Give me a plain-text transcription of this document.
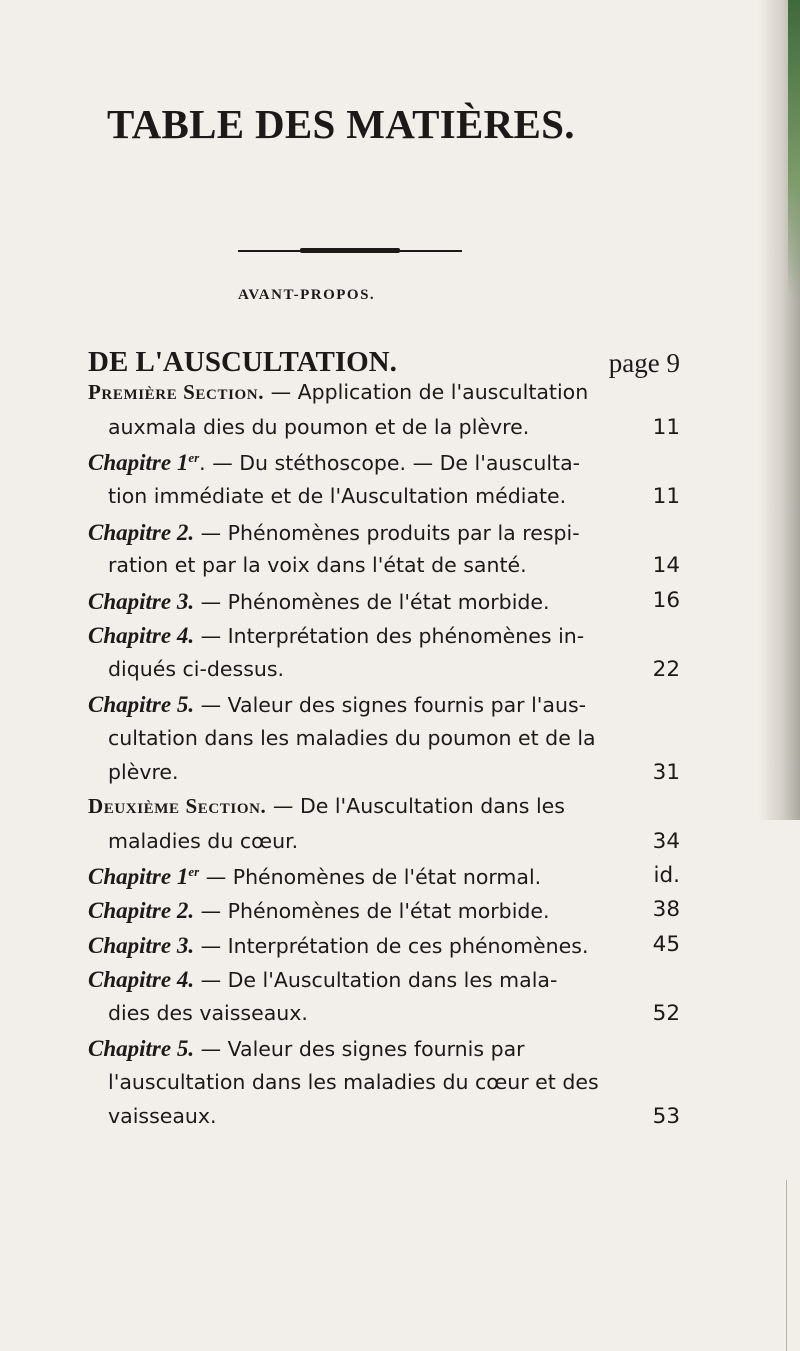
TABLE DES MATIÈRES.
AVANT-PROPOS.
DE L'AUSCULTATION.	page 9
Première Section. — Application de l'auscultation
auxmala dies du poumon et de la plèvre.	11
Chapitre 1er. — Du stéthoscope. — De l'ausculta-
tion immédiate et de l'Auscultation médiate.	11
Chapitre 2. — Phénomènes produits par la respi-
ration et par la voix dans l'état de santé.	14
Chapitre 3. — Phénomènes de l'état morbide.	16
Chapitre 4. — Interprétation des phénomènes in-
diqués ci-dessus.	22
Chapitre 5. — Valeur des signes fournis par l'aus-
cultation dans les maladies du poumon et de la
plèvre.	31
Deuxième Section. — De l'Auscultation dans les
maladies du cœur.	34
Chapitre 1er — Phénomènes de l'état normal.	id.
Chapitre 2. — Phénomènes de l'état morbide.	38
Chapitre 3. — Interprétation de ces phénomènes.	45
Chapitre 4. — De l'Auscultation dans les mala-
dies des vaisseaux.	52
Chapitre 5. — Valeur des signes fournis par
l'auscultation dans les maladies du cœur et des
vaisseaux.	53
